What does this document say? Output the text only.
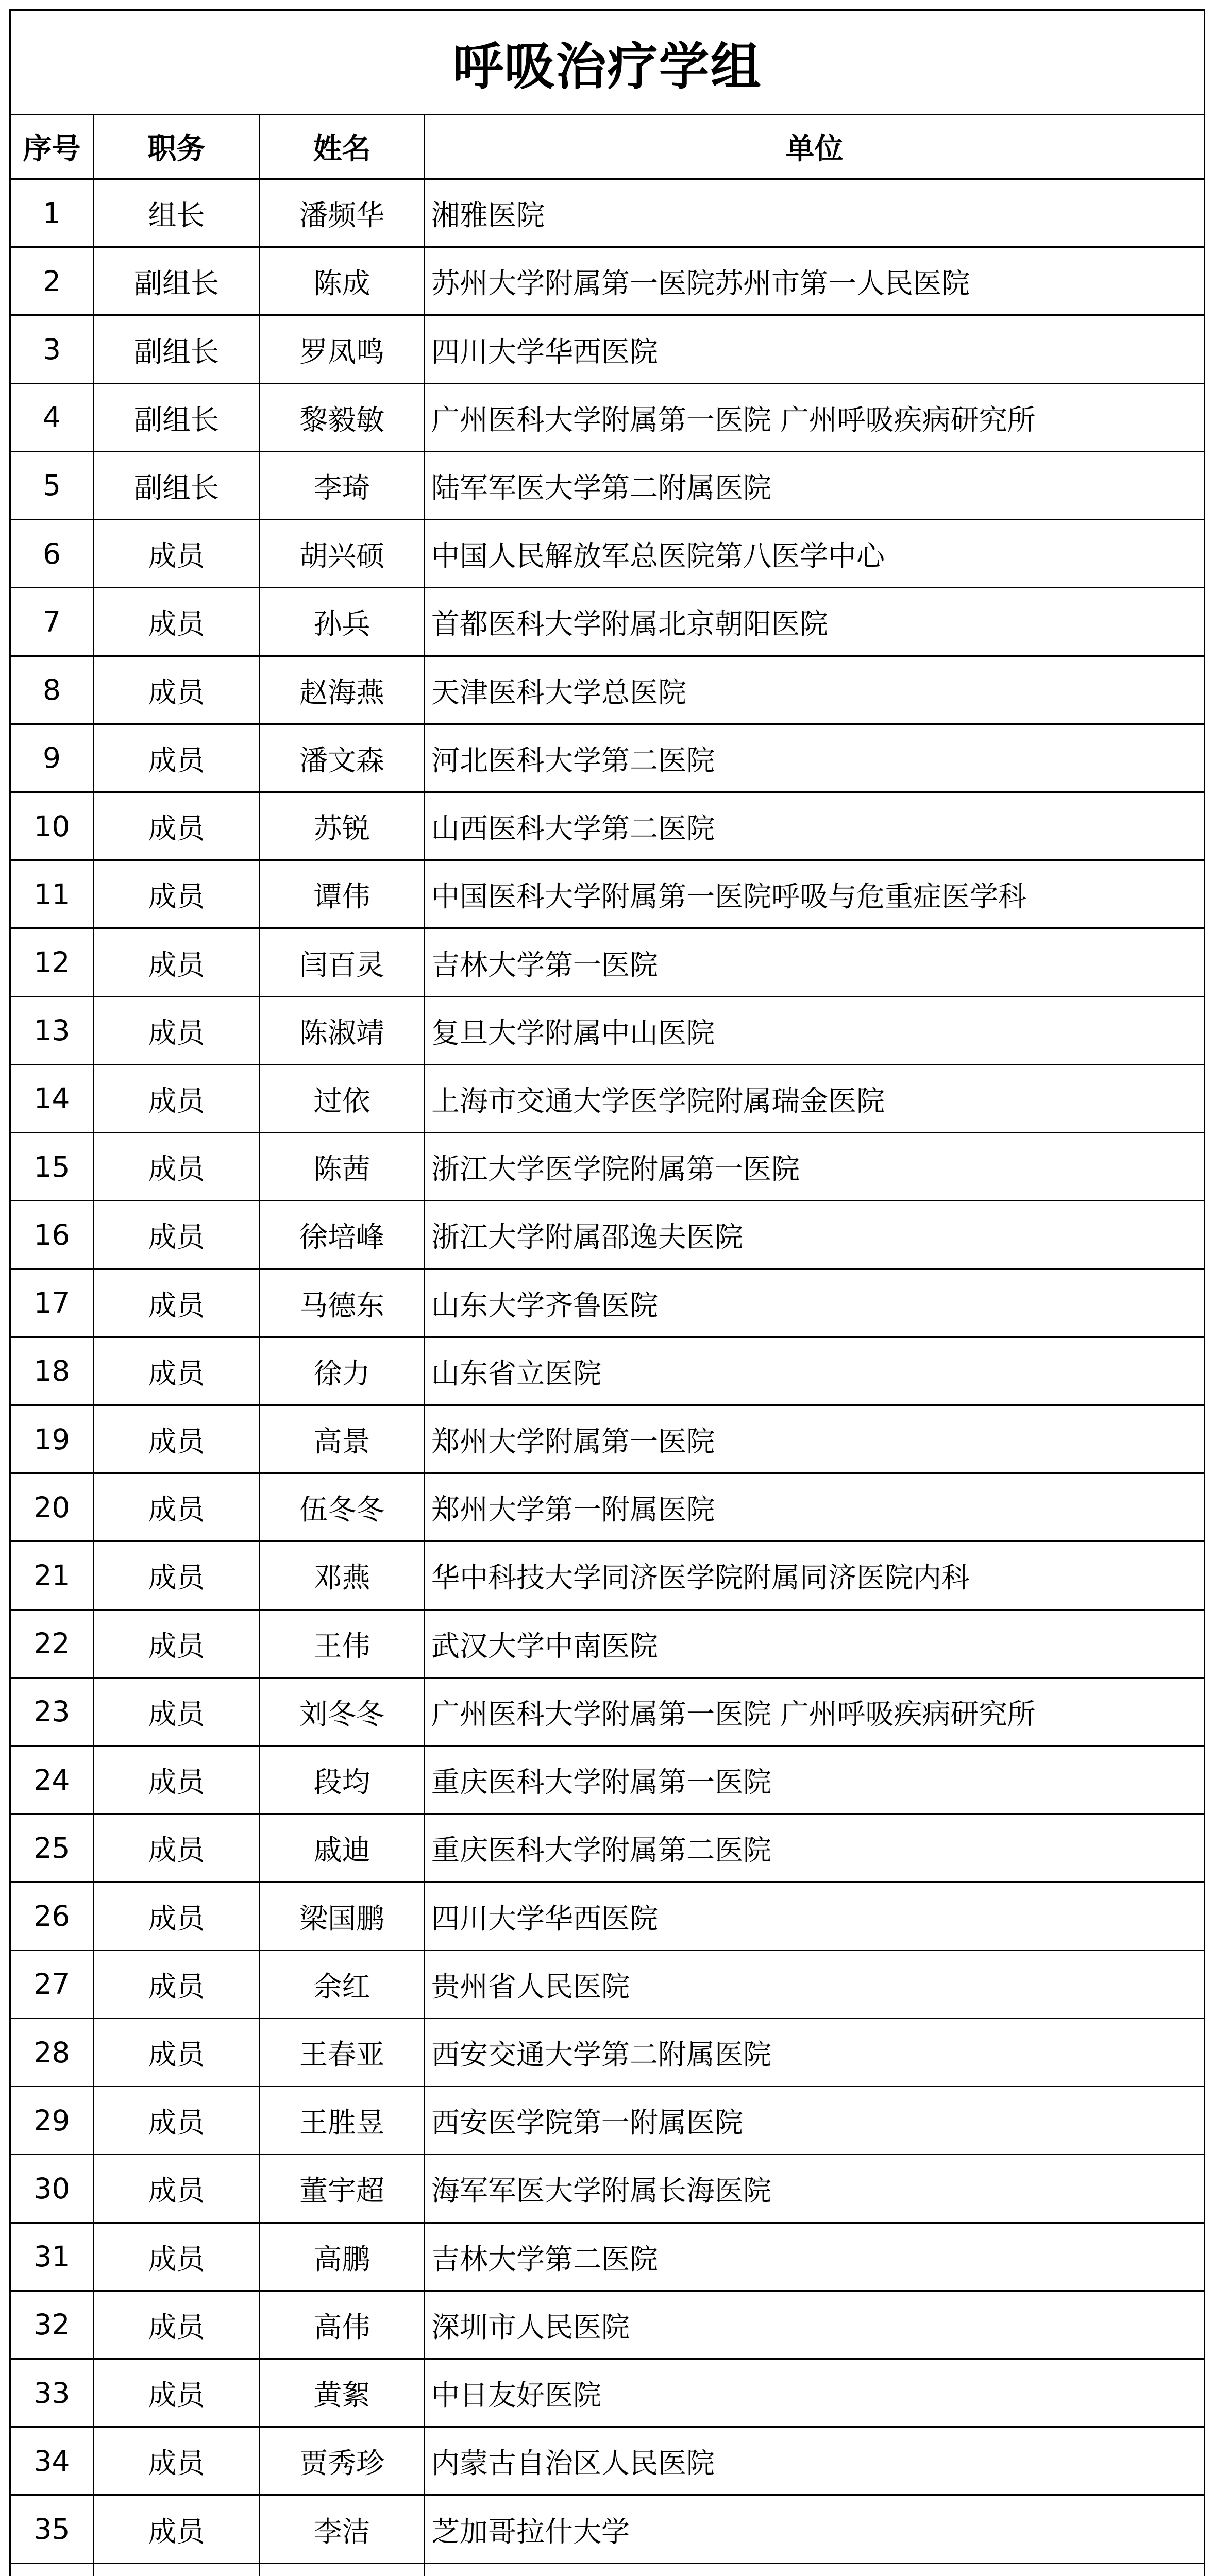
呼吸治疗学组			
序号	职务	姓名	单位
1	组长	潘频华	湘雅医院
2	副组长	陈成	苏州大学附属第一医院苏州市第一人民医院
3	副组长	罗凤鸣	四川大学华西医院
4	副组长	黎毅敏	广州医科大学附属第一医院 广州呼吸疾病研究所
5	副组长	李琦	陆军军医大学第二附属医院
6	成员	胡兴硕	中国人民解放军总医院第八医学中心
7	成员	孙兵	首都医科大学附属北京朝阳医院
8	成员	赵海燕	天津医科大学总医院
9	成员	潘文森	河北医科大学第二医院
10	成员	苏锐	山西医科大学第二医院
11	成员	谭伟	中国医科大学附属第一医院呼吸与危重症医学科
12	成员	闫百灵	吉林大学第一医院
13	成员	陈淑靖	复旦大学附属中山医院
14	成员	过依	上海市交通大学医学院附属瑞金医院
15	成员	陈茜	浙江大学医学院附属第一医院
16	成员	徐培峰	浙江大学附属邵逸夫医院
17	成员	马德东	山东大学齐鲁医院
18	成员	徐力	山东省立医院
19	成员	高景	郑州大学附属第一医院
20	成员	伍冬冬	郑州大学第一附属医院
21	成员	邓燕	华中科技大学同济医学院附属同济医院内科
22	成员	王伟	武汉大学中南医院
23	成员	刘冬冬	广州医科大学附属第一医院 广州呼吸疾病研究所
24	成员	段均	重庆医科大学附属第一医院
25	成员	戚迪	重庆医科大学附属第二医院
26	成员	梁国鹏	四川大学华西医院
27	成员	余红	贵州省人民医院
28	成员	王春亚	西安交通大学第二附属医院
29	成员	王胜昱	西安医学院第一附属医院
30	成员	董宇超	海军军医大学附属长海医院
31	成员	高鹏	吉林大学第二医院
32	成员	高伟	深圳市人民医院
33	成员	黄絮	中日友好医院
34	成员	贾秀珍	内蒙古自治区人民医院
35	成员	李洁	芝加哥拉什大学
